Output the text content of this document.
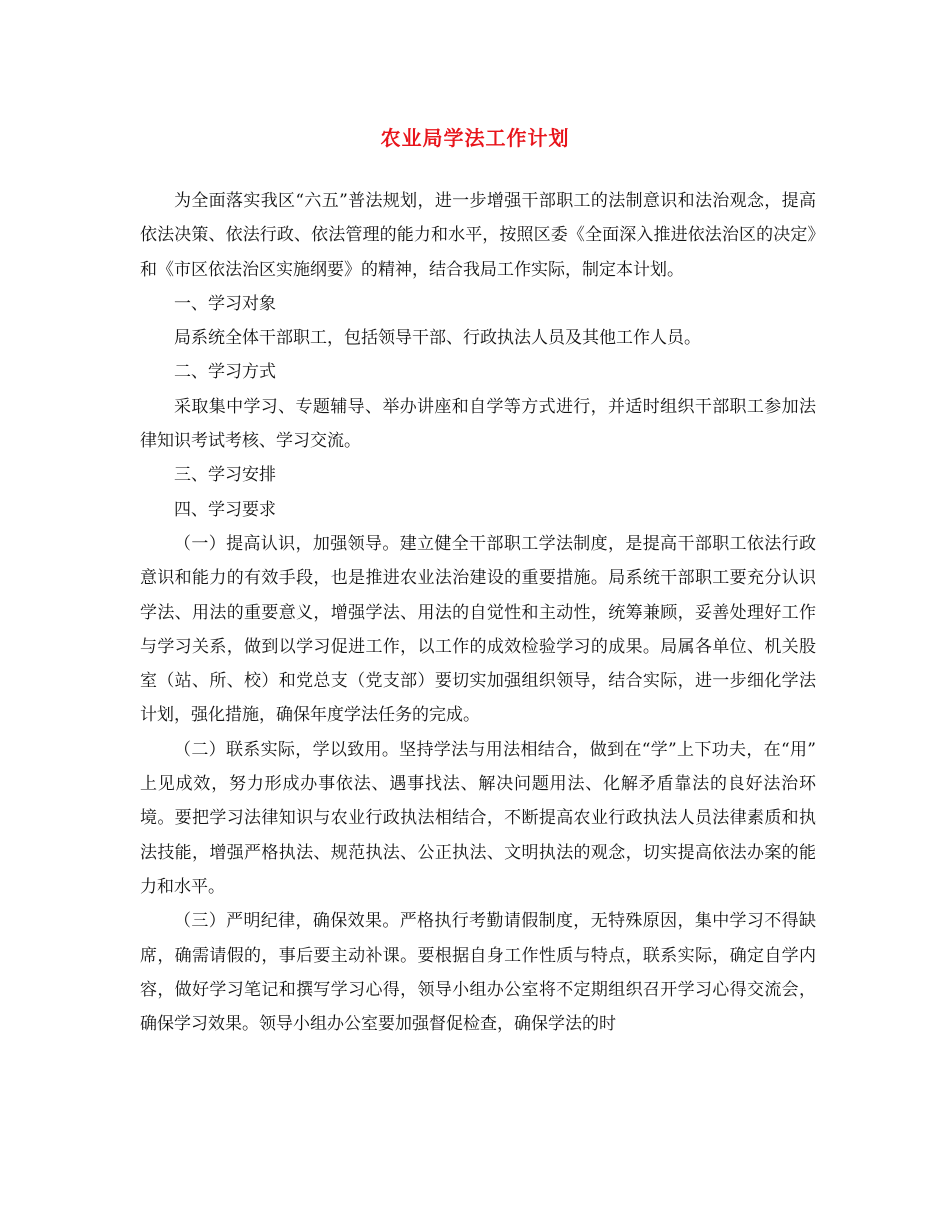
农业局学法工作计划

为全面落实我区“六五”普法规划，进一步增强干部职工的法制意识和法治观念，提高依法决策、依法行政、依法管理的能力和水平，按照区委《全面深入推进依法治区的决定》和《市区依法治区实施纲要》的精神，结合我局工作实际，制定本计划。

一、学习对象

局系统全体干部职工，包括领导干部、行政执法人员及其他工作人员。

二、学习方式

采取集中学习、专题辅导、举办讲座和自学等方式进行，并适时组织干部职工参加法律知识考试考核、学习交流。

三、学习安排

四、学习要求

（一）提高认识，加强领导。建立健全干部职工学法制度，是提高干部职工依法行政意识和能力的有效手段，也是推进农业法治建设的重要措施。局系统干部职工要充分认识学法、用法的重要意义，增强学法、用法的自觉性和主动性，统筹兼顾，妥善处理好工作与学习关系，做到以学习促进工作，以工作的成效检验学习的成果。局属各单位、机关股室（站、所、校）和党总支（党支部）要切实加强组织领导，结合实际，进一步细化学法计划，强化措施，确保年度学法任务的完成。

（二）联系实际，学以致用。坚持学法与用法相结合，做到在“学”上下功夫，在“用” 上见成效，努力形成办事依法、遇事找法、解决问题用法、化解矛盾靠法的良好法治环境。要把学习法律知识与农业行政执法相结合，不断提高农业行政执法人员法律素质和执法技能，增强严格执法、规范执法、公正执法、文明执法的观念，切实提高依法办案的能力和水平。

（三）严明纪律，确保效果。严格执行考勤请假制度，无特殊原因，集中学习不得缺席，确需请假的，事后要主动补课。要根据自身工作性质与特点，联系实际，确定自学内容，做好学习笔记和撰写学习心得，领导小组办公室将不定期组织召开学习心得交流会，确保学习效果。领导小组办公室要加强督促检查，确保学法的时
